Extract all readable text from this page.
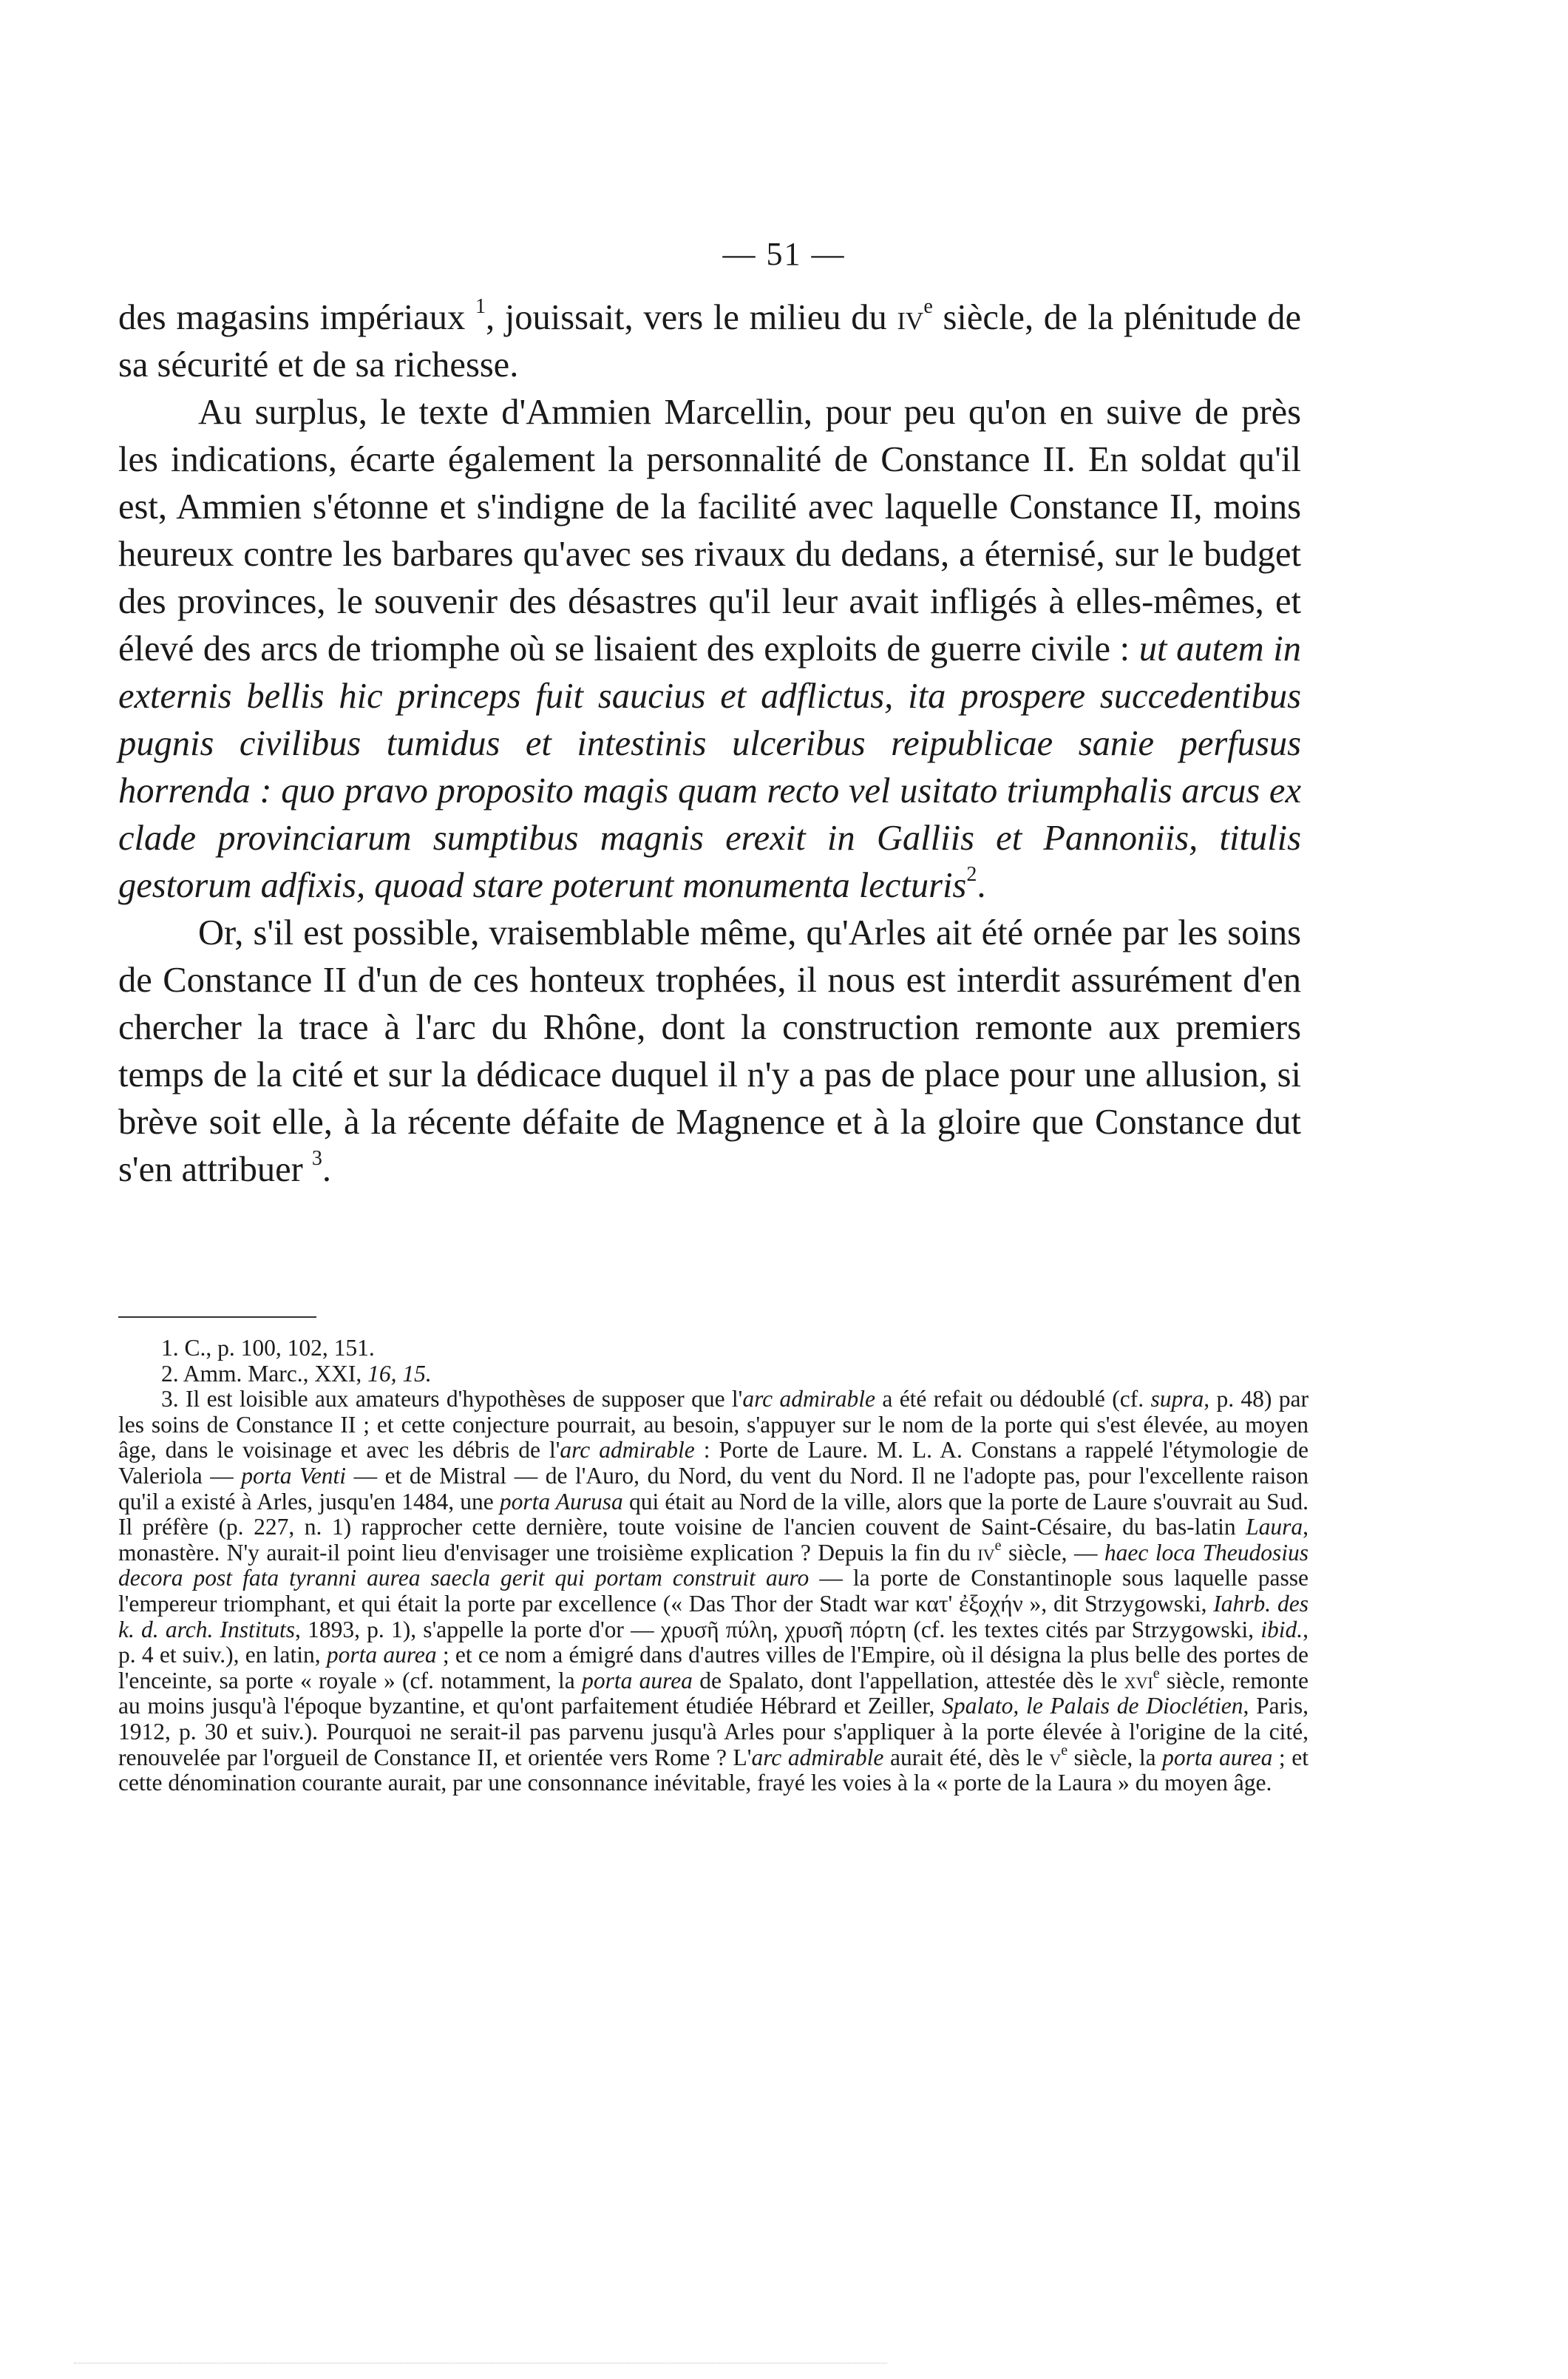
— 51 —

des magasins impériaux $^1$, jouissait, vers le milieu du $iv^e$ siècle, de la plénitude de sa sécurité et de sa richesse.

Au surplus, le texte d'Ammien Marcellin, pour peu qu'on en suive de près les indications, écarte également la personnalité de Constance II. En soldat qu'il est, Ammien s'étonne et s'indigne de la facilité avec laquelle Constance II, moins heureux contre les barbares qu'avec ses rivaux du dedans, a éternisé, sur le budget des provinces, le souvenir des désastres qu'il leur avait infligés à elles-mêmes, et élevé des arcs de triomphe où se lisaient des exploits de guerre civile : ut autem in externis bellis hic princeps fuit saucius et adflictus, ita prospere succedentibus pugnis civilibus tumidus et intestinis ulceribus reipublicae sanie perfusus horrenda : quo pravo proposito magis quam recto vel usitato triumphalis arcus ex clade provinciarum sumptibus magnis erexit in Galliis et Pannoniis, titulis gestorum adfixis, quoad stare poterunt monumenta lecturis$^2$.

Or, s'il est possible, vraisemblable même, qu'Arles ait été ornée par les soins de Constance II d'un de ces honteux trophées, il nous est interdit assurément d'en chercher la trace à l'arc du Rhône, dont la construction remonte aux premiers temps de la cité et sur la dédicace duquel il n'y a pas de place pour une allusion, si brève soit elle, à la récente défaite de Magnence et à la gloire que Constance dut s'en attribuer $^3$.

1. C., p. 100, 102, 151.

2. Amm. Marc., XXI, 16, 15.

3. Il est loisible aux amateurs d'hypothèses de supposer que l'arc admirable a été refait ou dédoublé (cf. supra, p. 48) par les soins de Constance II ; et cette conjecture pourrait, au besoin, s'appuyer sur le nom de la porte qui s'est élevée, au moyen âge, dans le voisinage et avec les débris de l'arc admirable : Porte de Laure. M. L. A. Constans a rappelé l'étymologie de Valeriola — porta Venti — et de Mistral — de l'Auro, du Nord, du vent du Nord. Il ne l'adopte pas, pour l'excellente raison qu'il a existé à Arles, jusqu'en 1484, une porta Aurusa qui était au Nord de la ville, alors que la porte de Laure s'ouvrait au Sud. Il préfère (p. 227, n. 1) rapprocher cette dernière, toute voisine de l'ancien couvent de Saint-Césaire, du bas-latin Laura, monastère. N'y aurait-il point lieu d'envisager une troisième explication ? Depuis la fin du $iv^e$ siècle, — haec loca Theudosius decora post fata tyranni aurea saecla gerit qui portam construit auro — la porte de Constantinople sous laquelle passe l'empereur triomphant, et qui était la porte par excellence (« Das Thor der Stadt war κατ' ἐξοχήν », dit Strzygowski, Iahrb. des k. d. arch. Instituts, 1893, p. 1), s'appelle la porte d'or — χρυσῆ πύλη, χρυσῆ πόρτη (cf. les textes cités par Strzygowski, ibid., p. 4 et suiv.), en latin, porta aurea ; et ce nom a émigré dans d'autres villes de l'Empire, où il désigna la plus belle des portes de l'enceinte, sa porte « royale » (cf. notamment, la porta aurea de Spalato, dont l'appellation, attestée dès le xvi$^e$ siècle, remonte au moins jusqu'à l'époque byzantine, et qu'ont parfaitement étudiée Hébrard et Zeiller, Spalato, le Palais de Dioclétien, Paris, 1912, p. 30 et suiv.). Pourquoi ne serait-il pas parvenu jusqu'à Arles pour s'appliquer à la porte élevée à l'origine de la cité, renouvelée par l'orgueil de Constance II, et orientée vers Rome ? L'arc admirable aurait été, dès le $v^e$ siècle, la porta aurea ; et cette dénomination courante aurait, par une consonnance inévitable, frayé les voies à la « porte de la Laura » du moyen âge.
